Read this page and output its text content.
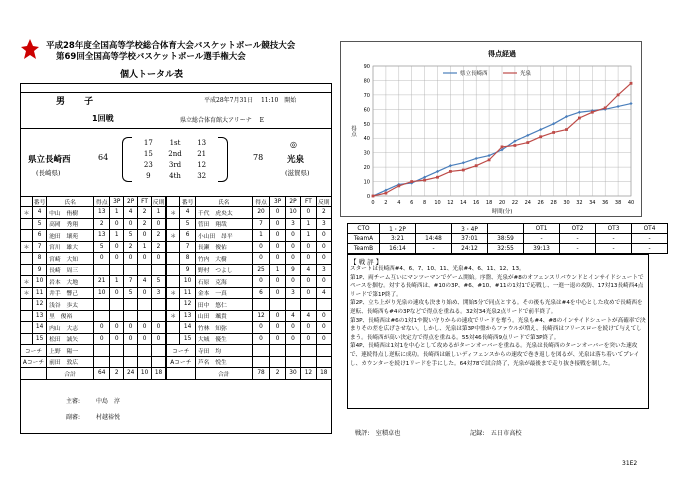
平成28年度全国高等学校総合体育大会バスケットボール競技大会
第69回全国高等学校バスケットボール選手権大会
個人トータル表
男 子	平成28年7月31日　 11:10　開始
1回戦	県立総合体育館大アリーナ　 E
県立長崎西
(長崎県)
64
◎
光泉
(滋賀県)
78
17	1st	13
15	2nd	21
23	3rd	12
9	4th	32
	番号	氏名	得点	3P	2P	FT	反則
＊	4	中山　侑樹	13	1	4	2	1
	5	高岡　秀翔	2	0	0	2	0
	6	池田　壌苑	13	1	5	0	2
＊	7	宮川　雄大	5	0	2	1	2
	8	宮崎　大知	0	0	0	0	0
	9	長崎　周三					
＊	10	岩本　大地	21	1	7	4	5
＊	11	井手　響己	10	0	5	0	3
	12	浅谷　歩太					
	13	里　俊裕					
	14	内山　大志	0	0	0	0	0
	15	松田　誠矢	0	0	0	0	0
コーチ		上野　陽一					
Aコーチ		前田　敦広					
		合計	64	2	24	10	18
	番号	氏名	得点	3P	2P	FT	反則
＊	4	千代　虎央太	20	0	10	0	2
	5	菅田　翔哉	7	0	3	1	3
＊	6	小山田　昂平	1	0	0	1	0
	7	長瀬　俊佑	0	0	0	0	0
	8	竹内　大樹	0	0	0	0	0
	9	野村　つよし	25	1	9	4	3
	10	石原　克海	0	0	0	0	0
＊	11	金本　一真	6	0	3	0	4
	12	田中　悠仁					
＊	13	山田　颯貴	12	0	4	4	0
	14	竹林　知弥	0	0	0	0	0
	15	大城　優生	0	0	0	0	0
コーチ		寺田　均					
Aコーチ		芦名　悦生					
		合計	78	2	30	12	18
主審:	中島　淳
副審:	村越裕悦
0
10
20
30
40
50
60
70
80
90
0 2 4 6 8 10 12 14 16 18 20 22 24 26 28 30 32 34 36 38 40
得点経過
時間(分)
得点
県立長崎西	光泉
CTO	1・2P		3・4P		OT1	OT2	OT3	OT4
TeamA	3:21	14:48	37:01	38:59	-	-	-	-
TeamB	16:14	-	24:12	32:55	39:13	-	-	-
【 戦 評 】
スタートは長崎西#4、6、7、10、11、光泉#4、6、11、12、13。
第1P、両チーム互いにマンツーマンでゲーム開始。序盤、光泉が#8のオフェンスリバウンドとインサイドシュートでペースを掴む。対する長崎西は、#10の3P、#6、#10、#11の1対1で応戦し、一進一退の攻防、17対13長崎西4点リードで第1P終了。
第2P、立ち上がり光泉の速攻も決まり始め、開始5分で同点とする。その後も光泉は#4を中心とした攻めで長崎西を逆転、長崎西も#4の3Pなどで得点を重ねる。32対34光泉2点リードで前半終了。
第3P、長崎西は#6の1対1や鋭い守りからの速攻でリードを奪う。光泉も#4、#8のインサイドシュートが高確率で決まりその差を広げさせない。しかし、光泉は第3P中盤からファウルが増え、長崎西はフリースローを続けて与えてしまう。長崎西が高い決定力で得点を重ねる。55対46長崎西9点リードで第3P終了。
第4P、長崎西は1対1を中心として攻めるがターンオーバーを重ねる。光泉は長崎西のターンオーバーを突いた速攻で、連続得点し逆転に成功。長崎西は厳しいディフェンスからの速攻で巻き返しを図るが、光泉は落ち着いてプレイし、カウンターを続け1リードを手にした。64対78で試合終了，光泉が最後まで走り抜き接戦を制した。
戦評:　 室積卓也	記録:　 五日市高校
31E2
